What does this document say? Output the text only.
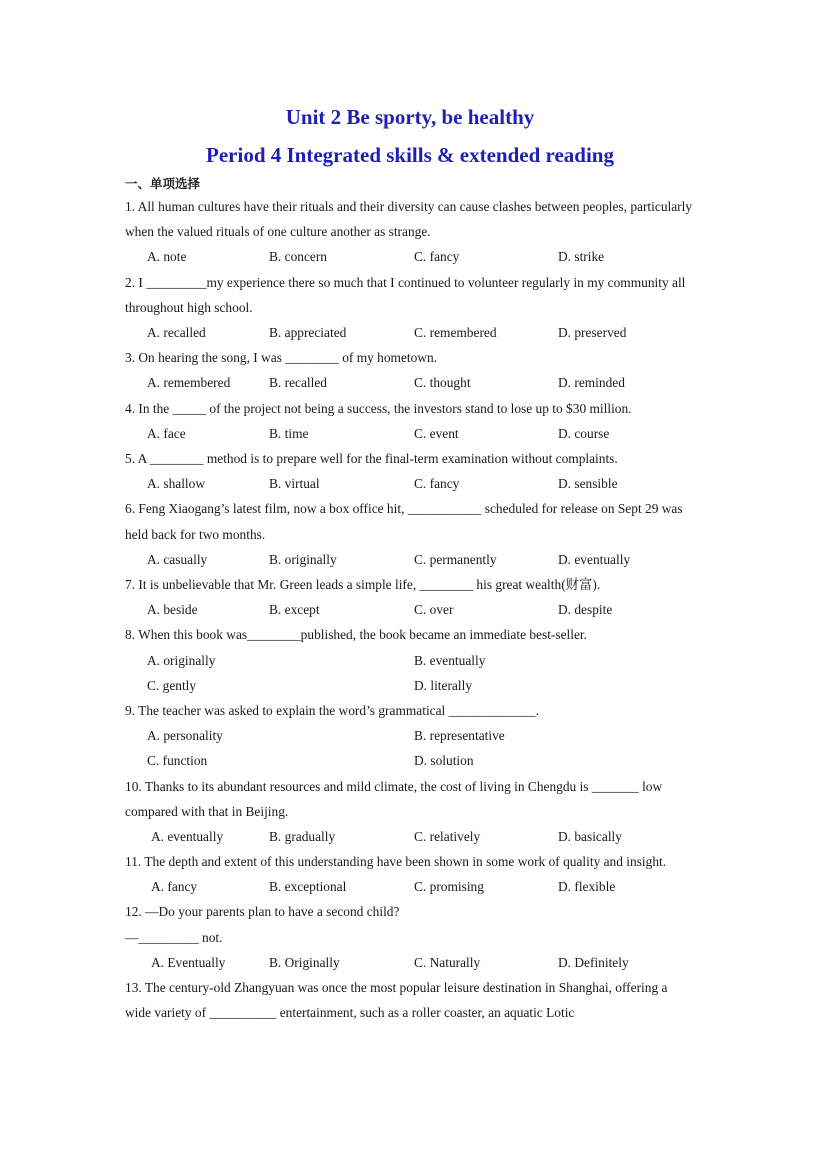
Unit 2 Be sporty, be healthy
Period 4 Integrated skills & extended reading
一、单项选择

1. All human cultures have their rituals and their diversity can cause clashes between peoples, particularly when the valued rituals of one culture another as strange.

A. note	B. concern	C. fancy	D. strike

2. I _________my experience there so much that I continued to volunteer regularly in my community all throughout high school.

A. recalled	B. appreciated	C. remembered	D. preserved

3. On hearing the song, I was ________ of my hometown.

A. remembered	B. recalled	C. thought	D. reminded

4. In the _____ of the project not being a success, the investors stand to lose up to $30 million.

A. face	B. time	C. event	D. course

5. A ________ method is to prepare well for the final-term examination without complaints.

A. shallow	B. virtual	C. fancy	D. sensible

6. Feng Xiaogang’s latest film, now a box office hit, ___________ scheduled for release on Sept 29 was held back for two months.

A. casually	B. originally	C. permanently	D. eventually

7. It is unbelievable that Mr. Green leads a simple life, ________ his great wealth(财富).

A. beside	B. except	C. over	D. despite

8. When this book was________published, the book became an immediate best-seller.

A. originally	B. eventually
C. gently	D. literally

9. The teacher was asked to explain the word’s grammatical _____________.

A. personality	B. representative
C. function	D. solution

10. Thanks to its abundant resources and mild climate, the cost of living in Chengdu is _______ low compared with that in Beijing.

A. eventually	B. gradually	C. relatively	D. basically

11. The depth and extent of this understanding have been shown in some work of quality and insight.

A. fancy	B. exceptional	C. promising	D. flexible

12. —Do your parents plan to have a second child?

—_________ not.

A. Eventually	B. Originally	C. Naturally	D. Definitely

13. The century-old Zhangyuan was once the most popular leisure destination in Shanghai, offering a wide variety of __________ entertainment, such as a roller coaster, an aquatic Lotic
